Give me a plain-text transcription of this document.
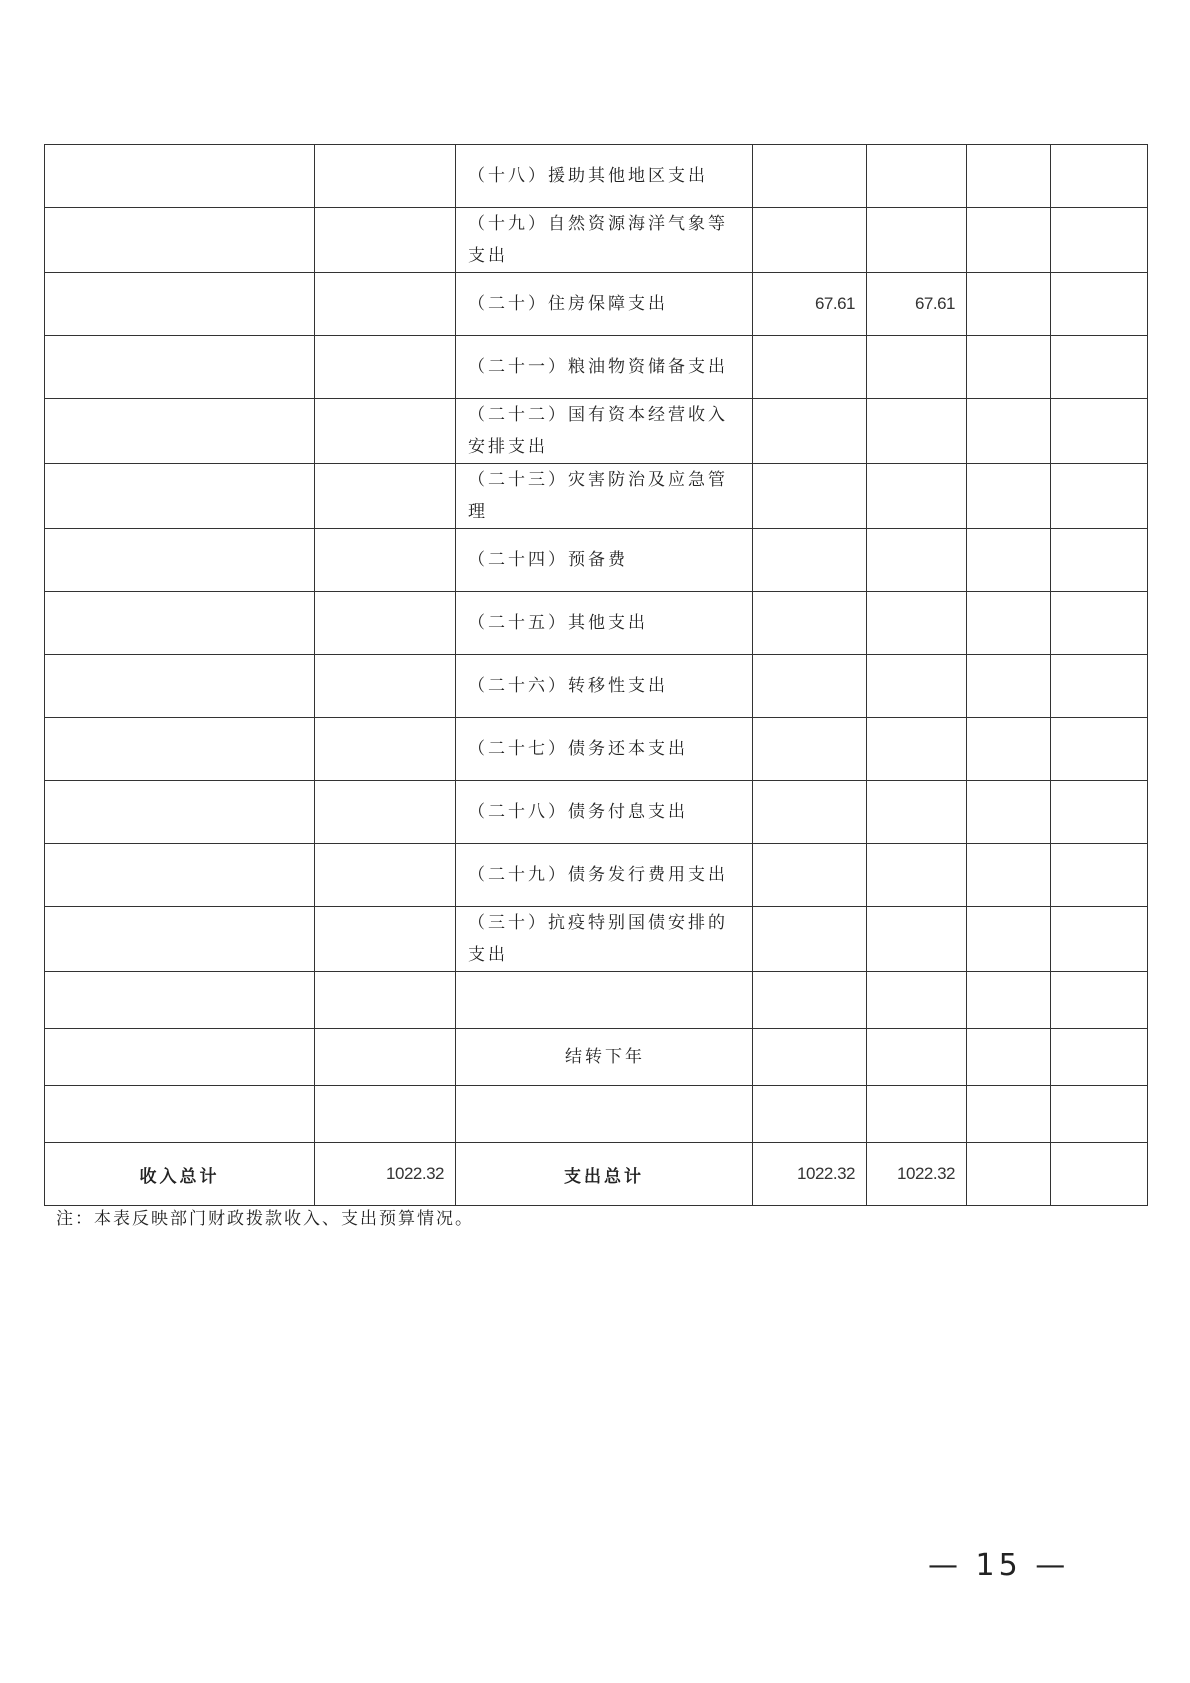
		（十八）援助其他地区支出				
		（十九）自然资源海洋气象等支出				
		（二十）住房保障支出	67.61	67.61		
		（二十一）粮油物资储备支出				
		（二十二）国有资本经营收入安排支出				
		（二十三）灾害防治及应急管理				
		（二十四）预备费				
		（二十五）其他支出				
		（二十六）转移性支出				
		（二十七）债务还本支出				
		（二十八）债务付息支出				
		（二十九）债务发行费用支出				
		（三十）抗疫特别国债安排的支出				

		结转下年				

收入总计	1022.32	支出总计	1022.32	1022.32		
注：本表反映部门财政拨款收入、支出预算情况。
— 15 —
